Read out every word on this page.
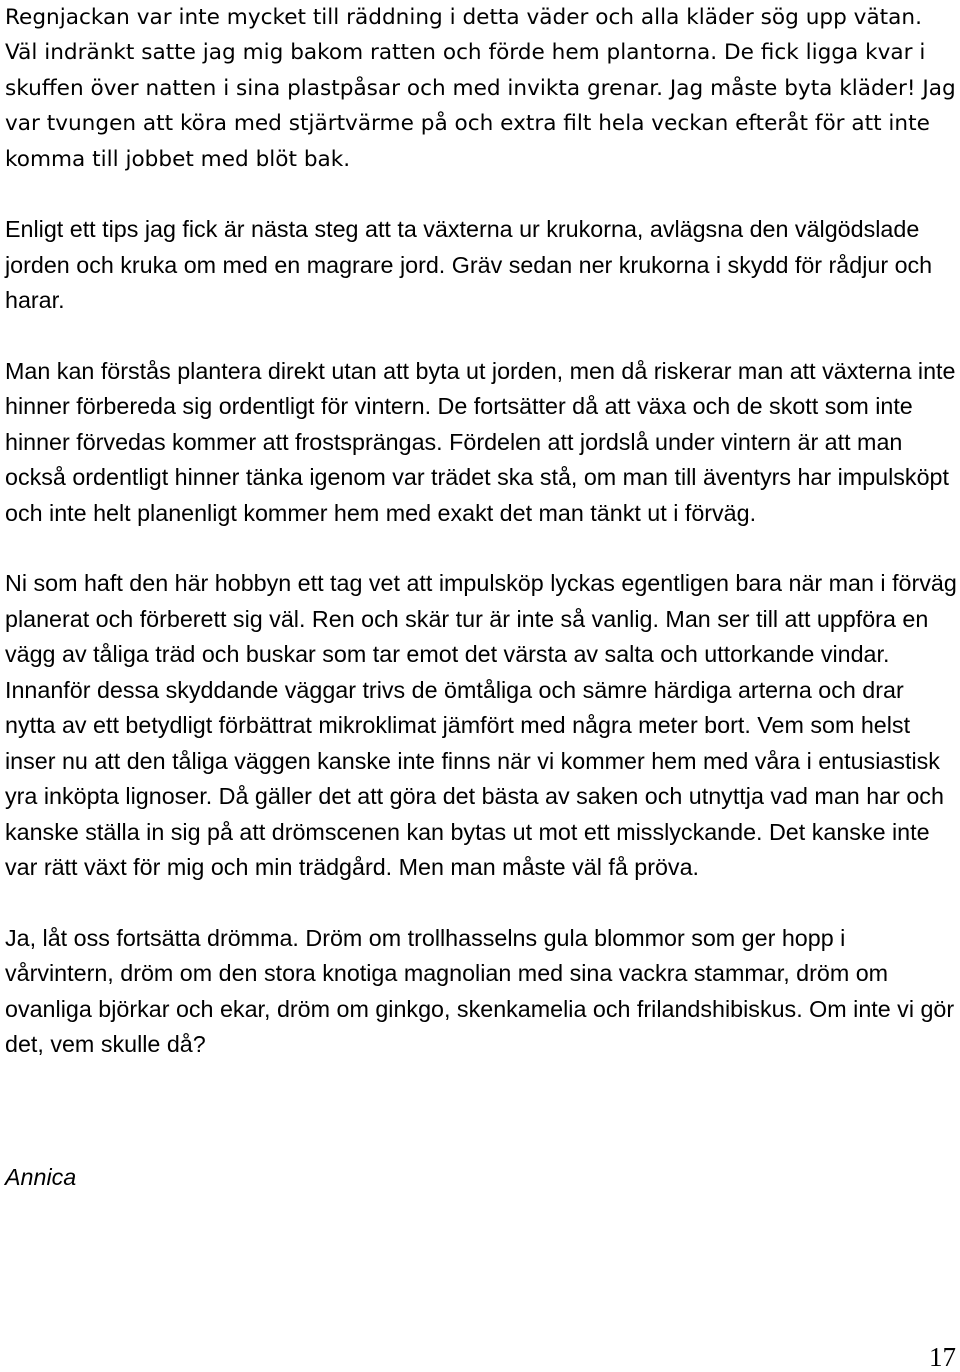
Regnjackan var inte mycket till räddning i detta väder och alla kläder sög upp vätan. Väl indränkt satte jag mig bakom ratten och förde hem plantorna. De fick ligga kvar i skuffen över natten i sina plastpåsar och med invikta grenar. Jag måste byta kläder! Jag var tvungen att köra med stjärtvärme på och extra filt hela veckan efteråt för att inte komma till jobbet med blöt bak.

Enligt ett tips jag fick är nästa steg att ta växterna ur krukorna, avlägsna den välgödslade jorden och kruka om med en magrare jord. Gräv sedan ner krukorna i skydd för rådjur och harar.

Man kan förstås plantera direkt utan att byta ut jorden, men då riskerar man att växterna inte hinner förbereda sig ordentligt för vintern. De fortsätter då att växa och de skott som inte hinner förvedas kommer att frostsprängas. Fördelen att jordslå under vintern är att man också ordentligt hinner tänka igenom var trädet ska stå, om man till äventyrs har impulsköpt och inte helt planenligt kommer hem med exakt det man tänkt ut i förväg.

Ni som haft den här hobbyn ett tag vet att impulsköp lyckas egentligen bara när man i förväg planerat och förberett sig väl. Ren och skär tur är inte så vanlig. Man ser till att uppföra en vägg av tåliga träd och buskar som tar emot det värsta av salta och uttorkande vindar. Innanför dessa skyddande väggar trivs de ömtåliga och sämre härdiga arterna och drar nytta av ett betydligt förbättrat mikroklimat jämfört med några meter bort. Vem som helst inser nu att den tåliga väggen kanske inte finns när vi kommer hem med våra i entusiastisk yra inköpta lignoser. Då gäller det att göra det bästa av saken och utnyttja vad man har och kanske ställa in sig på att drömscenen kan bytas ut mot ett misslyckande. Det kanske inte var rätt växt för mig och min trädgård. Men man måste väl få pröva.

Ja, låt oss fortsätta drömma. Dröm om trollhasselns gula blommor som ger hopp i vårvintern, dröm om den stora knotiga magnolian med sina vackra stammar, dröm om ovanliga björkar och ekar, dröm om ginkgo, skenkamelia och frilandshibiskus. Om inte vi gör det, vem skulle då?

Annica

17
